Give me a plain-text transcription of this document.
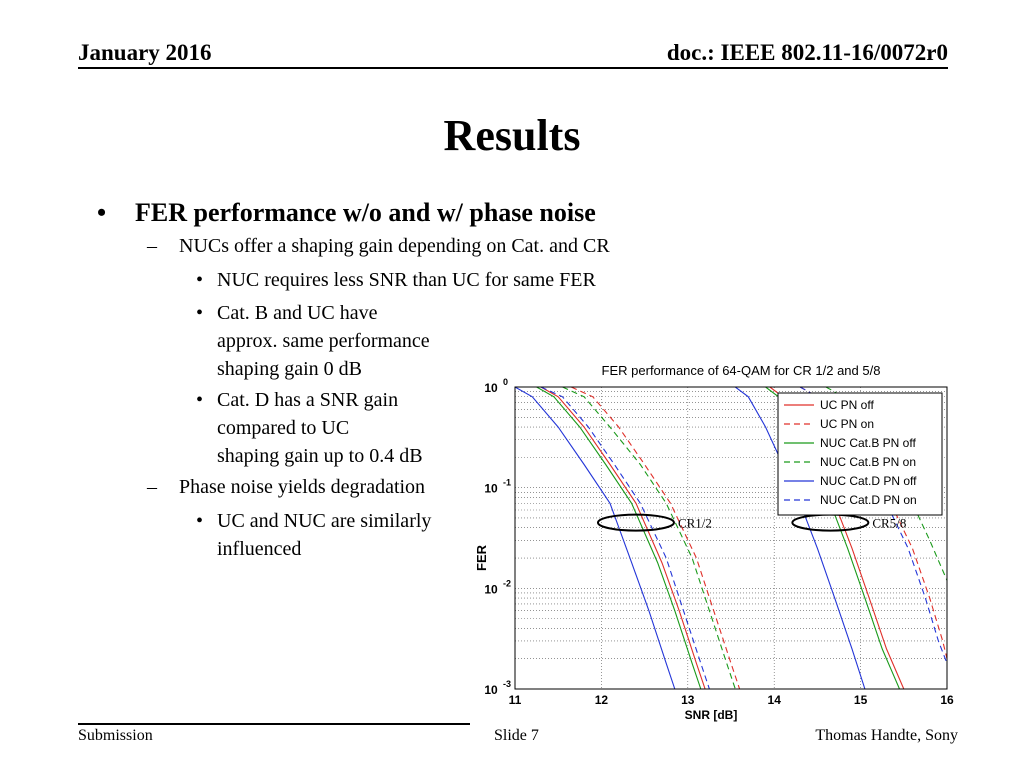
January 2016	doc.: IEEE 802.11-16/0072r0
Results
• FER performance w/o and w/ phase noise
– NUCs offer a shaping gain depending on Cat. and CR
• NUC requires less SNR than UC for same FER
• Cat. B and UC have
approx. same performance
shaping gain 0 dB
• Cat. D has a SNR gain
compared to UC
shaping gain up to 0.4 dB
– Phase noise yields degradation
• UC and NUC are similarly
influenced
FER performance of 64-QAM for CR 1/2 and 5/8
11	12	13	14	15	16
SNR [dB]
10 0
10 -1
10 -2
10 -3
FER
CR1/2	CR5/8
UC PN off
UC PN on
NUC Cat.B PN off
NUC Cat.B PN on
NUC Cat.D PN off
NUC Cat.D PN on
Submission	Slide 7	Thomas Handte, Sony
